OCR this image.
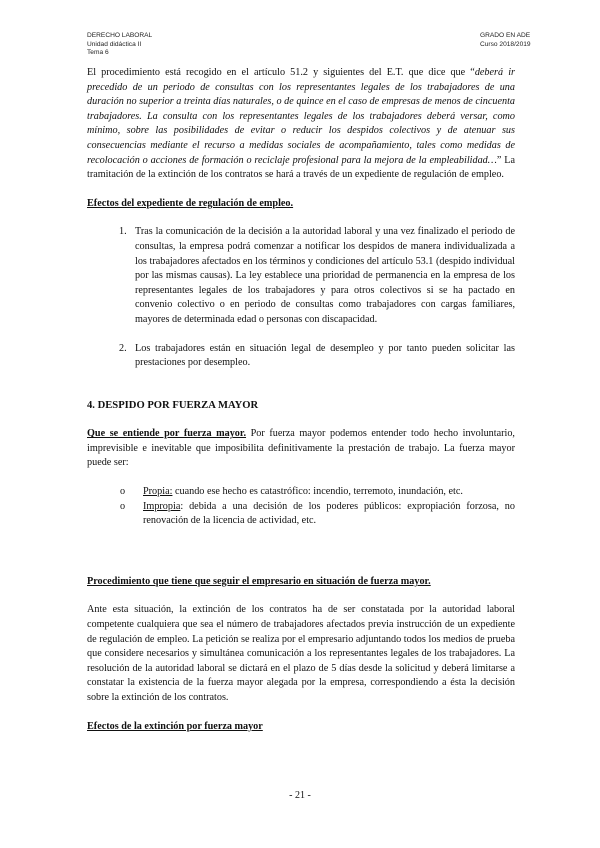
DERECHO LABORAL
Unidad didáctica II
Tema 6
GRADO EN ADE
Curso 2018/2019

El procedimiento está recogido en el artículo 51.2 y siguientes del E.T. que dice que “deberá ir precedido de un periodo de consultas con los representantes legales de los trabajadores de una duración no superior a treinta días naturales, o de quince en el caso de empresas de menos de cincuenta trabajadores. La consulta con los representantes legales de los trabajadores deberá versar, como mínimo, sobre las posibilidades de evitar o reducir los despidos colectivos y de atenuar sus consecuencias mediante el recurso a medidas sociales de acompañamiento, tales como medidas de recolocación o acciones de formación o reciclaje profesional para la mejora de la empleabilidad…” La tramitación de la extinción de los contratos se hará a través de un expediente de regulación de empleo.

Efectos del expediente de regulación de empleo.

1. Tras la comunicación de la decisión a la autoridad laboral y una vez finalizado el periodo de consultas, la empresa podrá comenzar a notificar los despidos de manera individualizada a los trabajadores afectados en los términos y condiciones del artículo 53.1 (despido individual por las mismas causas). La ley establece una prioridad de permanencia en la empresa de los representantes legales de los trabajadores y para otros colectivos si se ha pactado en convenio colectivo o en periodo de consultas como trabajadores con cargas familiares, mayores de determinada edad o personas con discapacidad.
2. Los trabajadores están en situación legal de desempleo y por tanto pueden solicitar las prestaciones por desempleo.

4. DESPIDO POR FUERZA MAYOR

Que se entiende por fuerza mayor. Por fuerza mayor podemos entender todo hecho involuntario, imprevisible e inevitable que imposibilita definitivamente la prestación de trabajo. La fuerza mayor puede ser:

o Propia: cuando ese hecho es catastrófico: incendio, terremoto, inundación, etc.
o Impropia: debida a una decisión de los poderes públicos: expropiación forzosa, no renovación de la licencia de actividad, etc.

Procedimiento que tiene que seguir el empresario en situación de fuerza mayor.

Ante esta situación, la extinción de los contratos ha de ser constatada por la autoridad laboral competente cualquiera que sea el número de trabajadores afectados previa instrucción de un expediente de regulación de empleo. La petición se realiza por el empresario adjuntando todos los medios de prueba que considere necesarios y simultánea comunicación a los representantes legales de los trabajadores. La resolución de la autoridad laboral se dictará en el plazo de 5 días desde la solicitud y deberá limitarse a constatar la existencia de la fuerza mayor alegada por la empresa, correspondiendo a ésta la decisión sobre la extinción de los contratos.

Efectos de la extinción por fuerza mayor

- 21 -
